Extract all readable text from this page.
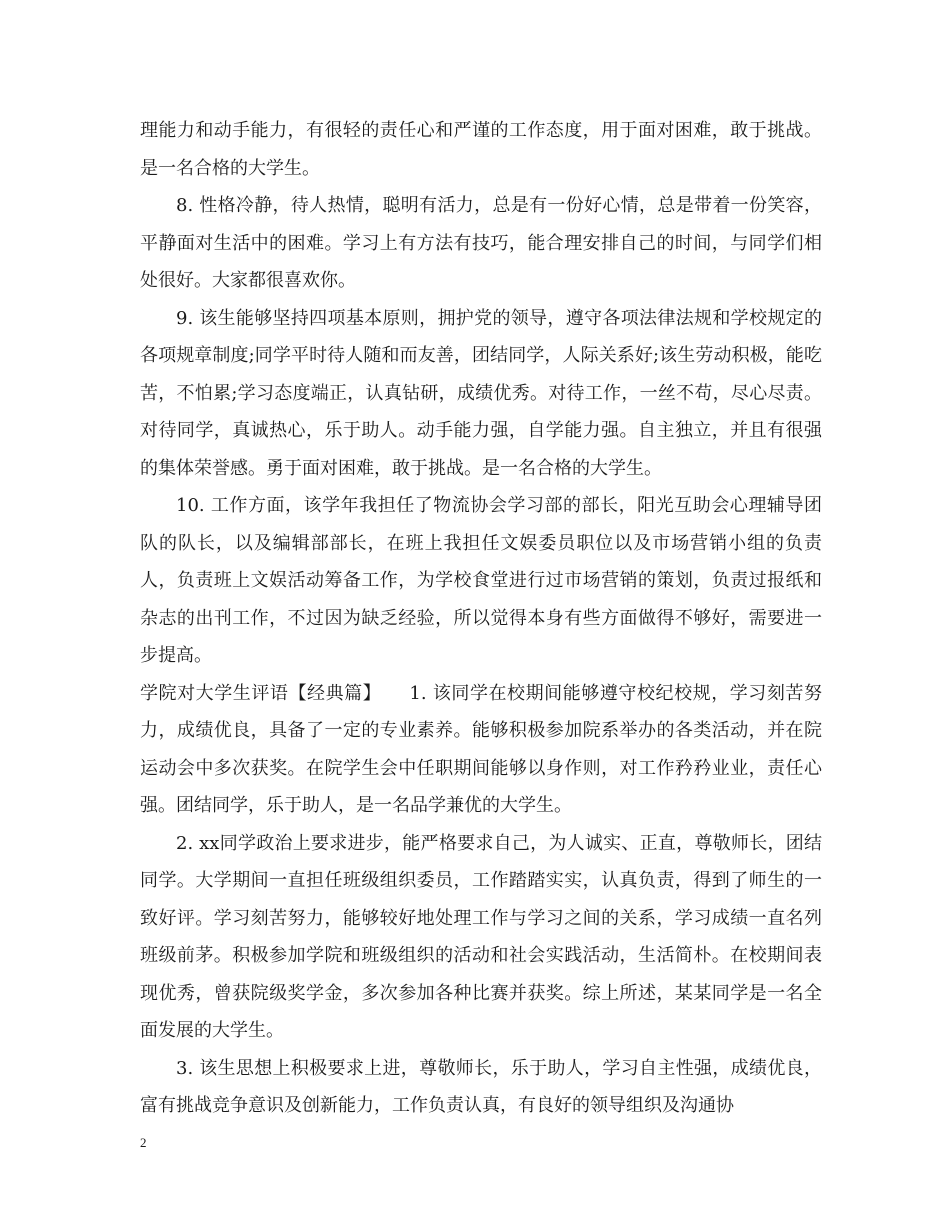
理能力和动手能力，有很轻的责任心和严谨的工作态度，用于面对困难，敢于挑战。是一名合格的大学生。

8. 性格冷静，待人热情，聪明有活力，总是有一份好心情，总是带着一份笑容，平静面对生活中的困难。学习上有方法有技巧，能合理安排自己的时间，与同学们相处很好。大家都很喜欢你。

9. 该生能够坚持四项基本原则，拥护党的领导，遵守各项法律法规和学校规定的各项规章制度;同学平时待人随和而友善，团结同学，人际关系好;该生劳动积极，能吃苦，不怕累;学习态度端正，认真钻研，成绩优秀。对待工作，一丝不苟，尽心尽责。对待同学，真诚热心，乐于助人。动手能力强，自学能力强。自主独立，并且有很强的集体荣誉感。勇于面对困难，敢于挑战。是一名合格的大学生。

10. 工作方面，该学年我担任了物流协会学习部的部长，阳光互助会心理辅导团队的队长，以及编辑部部长，在班上我担任文娱委员职位以及市场营销小组的负责人，负责班上文娱活动筹备工作，为学校食堂进行过市场营销的策划，负责过报纸和杂志的出刊工作，不过因为缺乏经验，所以觉得本身有些方面做得不够好，需要进一步提高。

学院对大学生评语【经典篇】　　1. 该同学在校期间能够遵守校纪校规，学习刻苦努力，成绩优良，具备了一定的专业素养。能够积极参加院系举办的各类活动，并在院运动会中多次获奖。在院学生会中任职期间能够以身作则，对工作矜矜业业，责任心强。团结同学，乐于助人，是一名品学兼优的大学生。

2. xx同学政治上要求进步，能严格要求自己，为人诚实、正直，尊敬师长，团结同学。大学期间一直担任班级组织委员，工作踏踏实实，认真负责，得到了师生的一致好评。学习刻苦努力，能够较好地处理工作与学习之间的关系，学习成绩一直名列班级前茅。积极参加学院和班级组织的活动和社会实践活动，生活简朴。在校期间表现优秀，曾获院级奖学金，多次参加各种比赛并获奖。综上所述，某某同学是一名全面发展的大学生。

3. 该生思想上积极要求上进，尊敬师长，乐于助人，学习自主性强，成绩优良，富有挑战竞争意识及创新能力，工作负责认真，有良好的领导组织及沟通协

2
